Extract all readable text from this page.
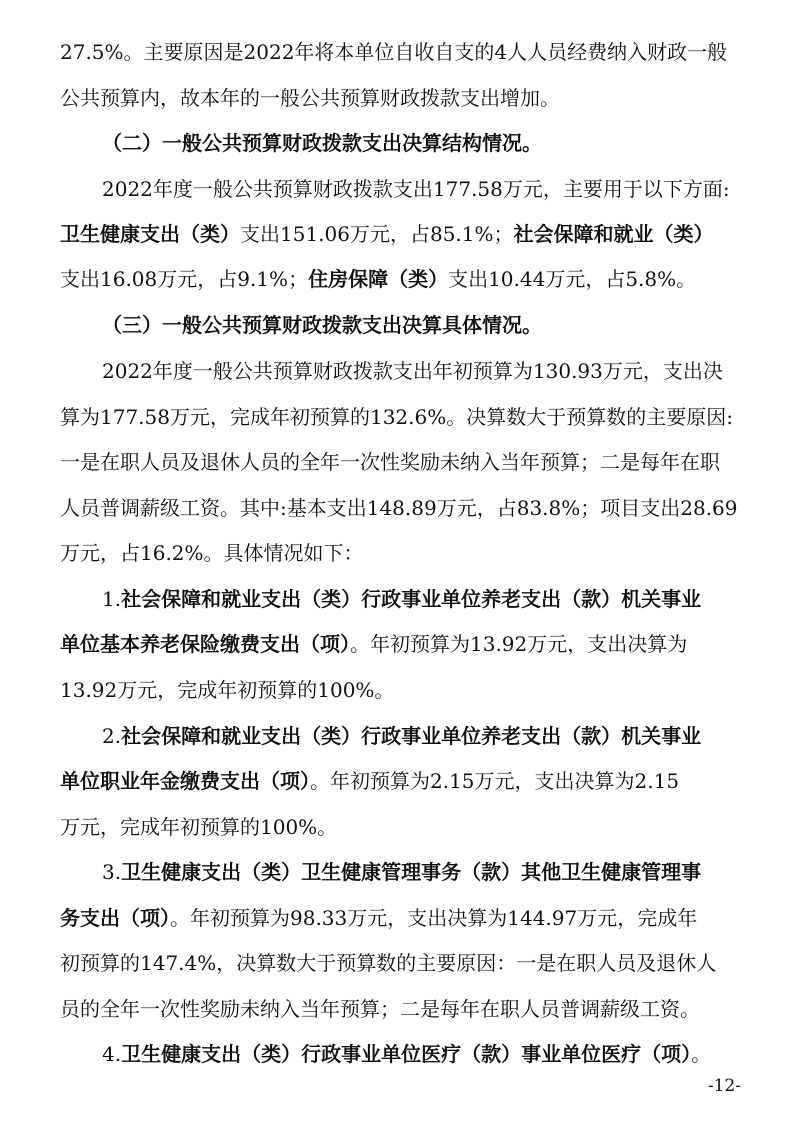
27.5%。主要原因是2022年将本单位自收自支的4人人员经费纳入财政一般
公共预算内，故本年的一般公共预算财政拨款支出增加。
（二）一般公共预算财政拨款支出决算结构情况。
2022年度一般公共预算财政拨款支出177.58万元，主要用于以下方面:
卫生健康支出（类）支出151.06万元，占85.1%；社会保障和就业（类）
支出16.08万元，占9.1%；住房保障（类）支出10.44万元，占5.8%。
（三）一般公共预算财政拨款支出决算具体情况。
2022年度一般公共预算财政拨款支出年初预算为130.93万元，支出决
算为177.58万元，完成年初预算的132.6%。决算数大于预算数的主要原因:
一是在职人员及退休人员的全年一次性奖励未纳入当年预算；二是每年在职
人员普调薪级工资。其中:基本支出148.89万元，占83.8%；项目支出28.69
万元，占16.2%。具体情况如下：
1.社会保障和就业支出（类）行政事业单位养老支出（款）机关事业
单位基本养老保险缴费支出（项）。年初预算为13.92万元，支出决算为
13.92万元，完成年初预算的100%。
2.社会保障和就业支出（类）行政事业单位养老支出（款）机关事业
单位职业年金缴费支出（项）。年初预算为2.15万元，支出决算为2.15
万元，完成年初预算的100%。
3.卫生健康支出（类）卫生健康管理事务（款）其他卫生健康管理事
务支出（项）。年初预算为98.33万元，支出决算为144.97万元，完成年
初预算的147.4%，决算数大于预算数的主要原因：一是在职人员及退休人
员的全年一次性奖励未纳入当年预算；二是每年在职人员普调薪级工资。
4.卫生健康支出（类）行政事业单位医疗（款）事业单位医疗（项）。
-12-
